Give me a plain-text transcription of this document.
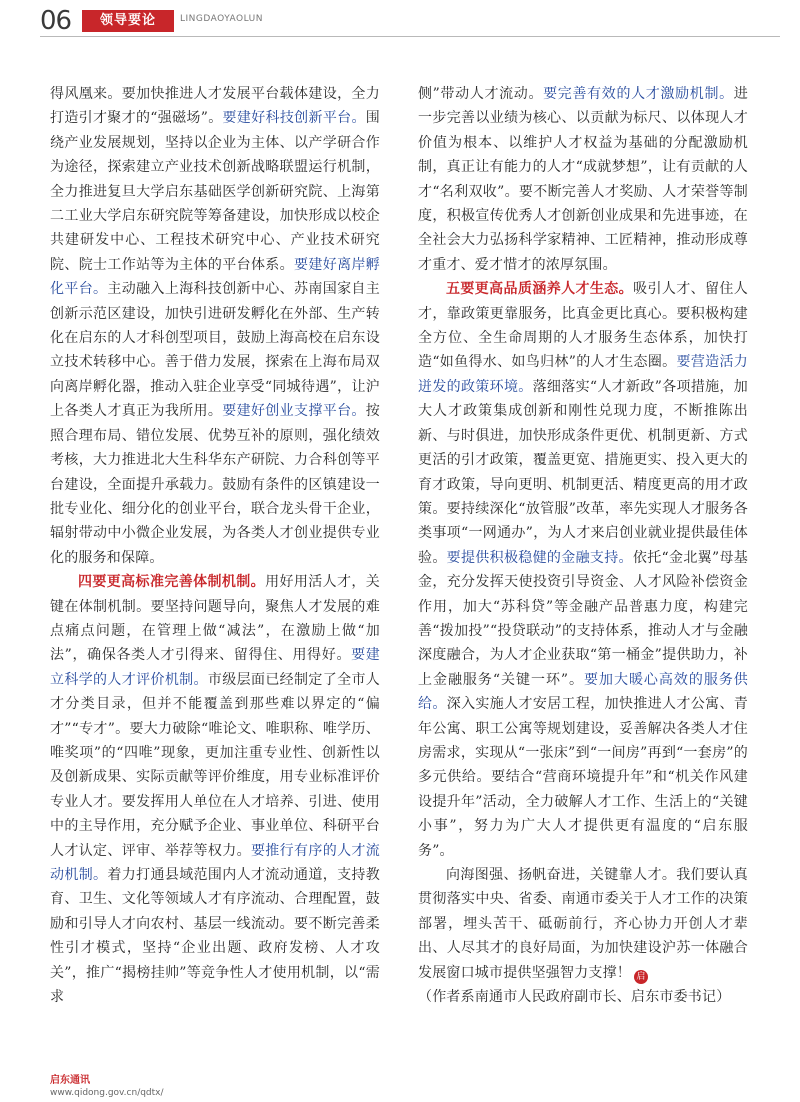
06	领导要论	LINGDAOYAOLUN

得风凰来。要加快推进人才发展平台载体建设，全力打造引才聚才的“强磁场”。要建好科技创新平台。围绕产业发展规划，坚持以企业为主体、以产学研合作为途径，探索建立产业技术创新战略联盟运行机制，全力推进复旦大学启东基础医学创新研究院、上海第二工业大学启东研究院等筹备建设，加快形成以校企共建研发中心、工程技术研究中心、产业技术研究院、院士工作站等为主体的平台体系。要建好离岸孵化平台。主动融入上海科技创新中心、苏南国家自主创新示范区建设，加快引进研发孵化在外部、生产转化在启东的人才科创型项目，鼓励上海高校在启东设立技术转移中心。善于借力发展，探索在上海布局双向离岸孵化器，推动入驻企业享受“同城待遇”，让沪上各类人才真正为我所用。要建好创业支撑平台。按照合理布局、错位发展、优势互补的原则，强化绩效考核，大力推进北大生科华东产研院、力合科创等平台建设，全面提升承载力。鼓励有条件的区镇建设一批专业化、细分化的创业平台，联合龙头骨干企业，辐射带动中小微企业发展，为各类人才创业提供专业化的服务和保障。

四要更高标准完善体制机制。用好用活人才，关键在体制机制。要坚持问题导向，聚焦人才发展的难点痛点问题，在管理上做“减法”，在激励上做“加法”，确保各类人才引得来、留得住、用得好。要建立科学的人才评价机制。市级层面已经制定了全市人才分类目录，但并不能覆盖到那些难以界定的“偏才”“专才”。要大力破除“唯论文、唯职称、唯学历、唯奖项”的“四唯”现象，更加注重专业性、创新性以及创新成果、实际贡献等评价维度，用专业标准评价专业人才。要发挥用人单位在人才培养、引进、使用中的主导作用，充分赋予企业、事业单位、科研平台人才认定、评审、举荐等权力。要推行有序的人才流动机制。着力打通县域范围内人才流动通道，支持教育、卫生、文化等领域人才有序流动、合理配置，鼓励和引导人才向农村、基层一线流动。要不断完善柔性引才模式，坚持“企业出题、政府发榜、人才攻关”，推广“揭榜挂帅”等竞争性人才使用机制，以“需求

侧”带动人才流动。要完善有效的人才激励机制。进一步完善以业绩为核心、以贡献为标尺、以体现人才价值为根本、以维护人才权益为基础的分配激励机制，真正让有能力的人才“成就梦想”，让有贡献的人才“名利双收”。要不断完善人才奖励、人才荣誉等制度，积极宣传优秀人才创新创业成果和先进事迹，在全社会大力弘扬科学家精神、工匠精神，推动形成尊才重才、爱才惜才的浓厚氛围。

五要更高品质涵养人才生态。吸引人才、留住人才，靠政策更靠服务，比真金更比真心。要积极构建全方位、全生命周期的人才服务生态体系，加快打造“如鱼得水、如鸟归林”的人才生态圈。要营造活力迸发的政策环境。落细落实“人才新政”各项措施，加大人才政策集成创新和刚性兑现力度，不断推陈出新、与时俱进，加快形成条件更优、机制更新、方式更活的引才政策，覆盖更宽、措施更实、投入更大的育才政策，导向更明、机制更活、精度更高的用才政策。要持续深化“放管服”改革，率先实现人才服务各类事项“一网通办”，为人才来启创业就业提供最佳体验。要提供积极稳健的金融支持。依托“金北翼”母基金，充分发挥天使投资引导资金、人才风险补偿资金作用，加大“苏科贷”等金融产品普惠力度，构建完善“拨加投”“投贷联动”的支持体系，推动人才与金融深度融合，为人才企业获取“第一桶金”提供助力，补上金融服务“关键一环”。要加大暖心高效的服务供给。深入实施人才安居工程，加快推进人才公寓、青年公寓、职工公寓等规划建设，妥善解决各类人才住房需求，实现从“一张床”到“一间房”再到“一套房”的多元供给。要结合“营商环境提升年”和“机关作风建设提升年”活动，全力破解人才工作、生活上的“关键小事”，努力为广大人才提供更有温度的“启东服务”。

向海图强、扬帆奋进，关键靠人才。我们要认真贯彻落实中央、省委、南通市委关于人才工作的决策部署，埋头苦干、砥砺前行，齐心协力开创人才辈出、人尽其才的良好局面，为加快建设沪苏一体融合发展窗口城市提供坚强智力支撑！ 启

（作者系南通市人民政府副市长、启东市委书记）

启东通讯
www.qidong.gov.cn/qdtx/
